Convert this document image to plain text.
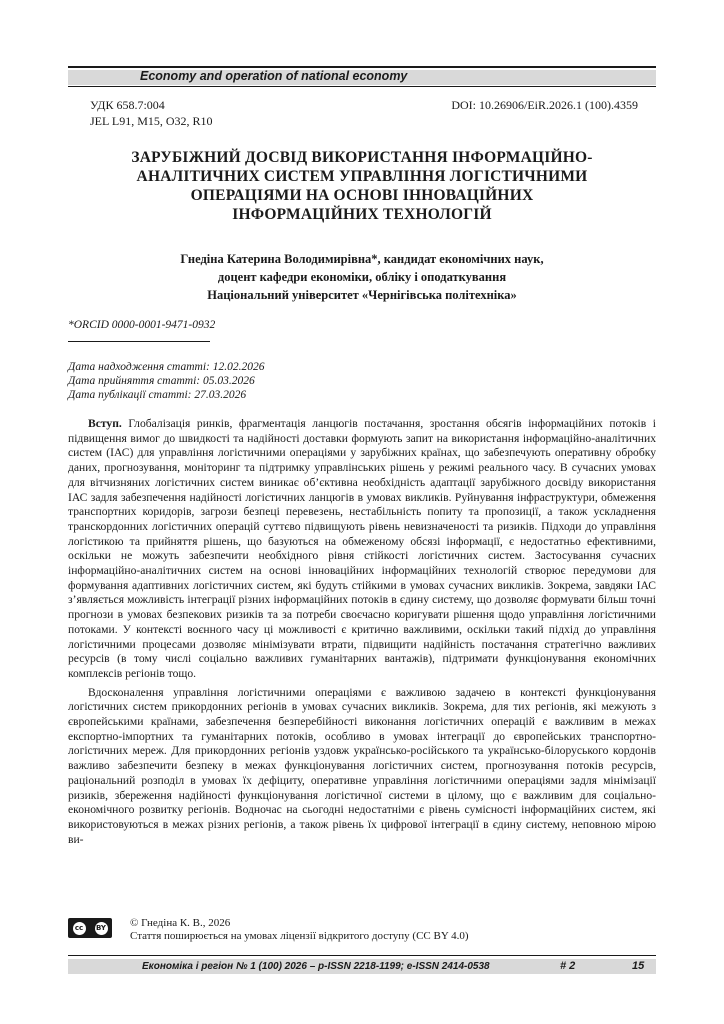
Economy and operation of national economy
УДК 658.7:004
JEL L91, M15, O32, R10
DOI: 10.26906/EiR.2026.1 (100).4359
ЗАРУБІЖНИЙ ДОСВІД ВИКОРИСТАННЯ ІНФОРМАЦІЙНО-
АНАЛІТИЧНИХ СИСТЕМ УПРАВЛІННЯ ЛОГІСТИЧНИМИ
ОПЕРАЦІЯМИ НА ОСНОВІ ІННОВАЦІЙНИХ
ІНФОРМАЦІЙНИХ ТЕХНОЛОГІЙ
Гнедіна Катерина Володимирівна*, кандидат економічних наук,
доцент кафедри економіки, обліку і оподаткування
Національний університет «Чернігівська політехніка»
*ORCID 0000-0001-9471-0932
Дата надходження статті: 12.02.2026
Дата прийняття статті: 05.03.2026
Дата публікації статті: 27.03.2026

Вступ. Глобалізація ринків, фрагментація ланцюгів постачання, зростання обсягів інформаційних потоків і підвищення вимог до швидкості та надійності доставки формують запит на використання інформаційно-аналітичних систем (ІАС) для управління логістичними операціями у зарубіжних країнах, що забезпечують оперативну обробку даних, прогнозування, моніторинг та підтримку управлінських рішень у режимі реального часу. В сучасних умовах для вітчизняних логістичних систем виникає об’єктивна необхідність адаптації зарубіжного досвіду використання ІАС задля забезпечення надійності логістичних ланцюгів в умовах викликів. Руйнування інфраструктури, обмеження транспортних коридорів, загрози безпеці перевезень, нестабільність попиту та пропозиції, а також ускладнення транскордонних логістичних операцій суттєво підвищують рівень невизначеності та ризиків. Підходи до управління логістикою та прийняття рішень, що базуються на обмеженому обсязі інформації, є недостатньо ефективними, оскільки не можуть забезпечити необхідного рівня стійкості логістичних систем. Застосування сучасних інформаційно-аналітичних систем на основі інноваційних інформаційних технологій створює передумови для формування адаптивних логістичних систем, які будуть стійкими в умовах сучасних викликів. Зокрема, завдяки ІАС з’являється можливість інтеграції різних інформаційних потоків в єдину систему, що дозволяє формувати більш точні прогнози в умовах безпекових ризиків та за потреби своєчасно коригувати рішення щодо управління логістичними потоками. У контексті воєнного часу ці можливості є критично важливими, оскільки такий підхід до управління логістичними процесами дозволяє мінімізувати втрати, підвищити надійність постачання стратегічно важливих ресурсів (в тому числі соціально важливих гуманітарних вантажів), підтримати функціонування економічних комплексів регіонів тощо.

Вдосконалення управління логістичними операціями є важливою задачею в контексті функціонування логістичних систем прикордонних регіонів в умовах сучасних викликів. Зокрема, для тих регіонів, які межують з європейськими країнами, забезпечення безперебійності виконання логістичних операцій є важливим в межах експортно-імпортних та гуманітарних потоків, особливо в умовах інтеграції до європейських транспортно-логістичних мереж. Для прикордонних регіонів уздовж українсько-російського та українсько-білоруського кордонів важливо забезпечити безпеку в межах функціонування логістичних систем, прогнозування потоків ресурсів, раціональний розподіл в умовах їх дефіциту, оперативне управління логістичними операціями задля мінімізації ризиків, збереження надійності функціонування логістичної системи в цілому, що є важливим для соціально-економічного розвитку регіонів. Водночас на сьогодні недостатніми є рівень сумісності інформаційних систем, які використовуються в межах різних регіонів, а також рівень їх цифрової інтеграції в єдину систему, неповною мірою ви-

cc	BY © Гнедіна К. В., 2026
Стаття поширюється на умовах ліцензії відкритого доступу (CC BY 4.0)
Економіка і регіон № 1 (100) 2026 – p-ISSN 2218-1199; e-ISSN 2414-0538	# 2	15
